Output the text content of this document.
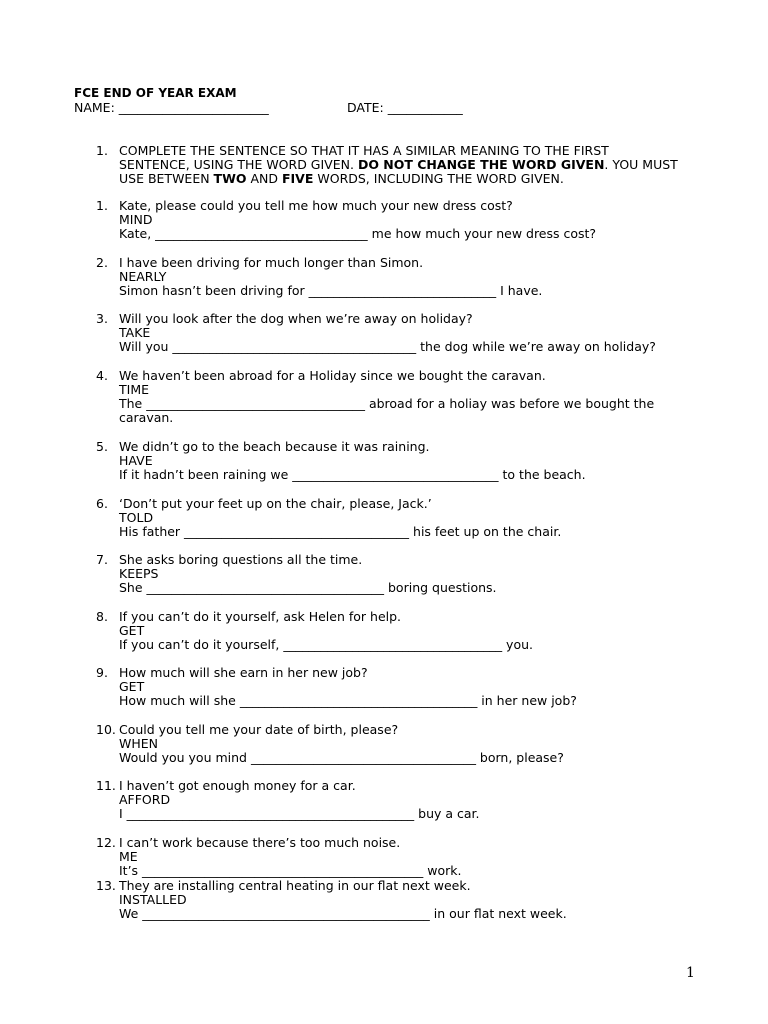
FCE END OF YEAR EXAM
NAME: ________________________	DATE: ____________
1. COMPLETE THE SENTENCE SO THAT IT HAS A SIMILAR MEANING TO THE FIRST SENTENCE, USING THE WORD GIVEN. DO NOT CHANGE THE WORD GIVEN. YOU MUST USE BETWEEN TWO AND FIVE WORDS, INCLUDING THE WORD GIVEN.
1. Kate, please could you tell me how much your new dress cost?
MIND
Kate, __________________________________ me how much your new dress cost?
2. I have been driving for much longer than Simon.
NEARLY
Simon hasn’t been driving for ______________________________ I have.
3. Will you look after the dog when we’re away on holiday?
TAKE
Will you _______________________________________ the dog while we’re away on holiday?
4. We haven’t been abroad for a Holiday since we bought the caravan.
TIME
The ___________________________________ abroad for a holiay was before we bought the
caravan.
5. We didn’t go to the beach because it was raining.
HAVE
If it hadn’t been raining we _________________________________ to the beach.
6. ‘Don’t put your feet up on the chair, please, Jack.’
TOLD
His father ____________________________________ his feet up on the chair.
7. She asks boring questions all the time.
KEEPS
She ______________________________________ boring questions.
8. If you can’t do it yourself, ask Helen for help.
GET
If you can’t do it yourself, ___________________________________ you.
9. How much will she earn in her new job?
GET
How much will she ______________________________________ in her new job?
10. Could you tell me your date of birth, please?
WHEN
Would you you mind ____________________________________ born, please?
11. I haven’t got enough money for a car.
AFFORD
I ______________________________________________ buy a car.
12. I can’t work because there’s too much noise.
ME
It’s _____________________________________________ work.
13. They are installing central heating in our flat next week.
INSTALLED
We ______________________________________________ in our flat next week.
1
